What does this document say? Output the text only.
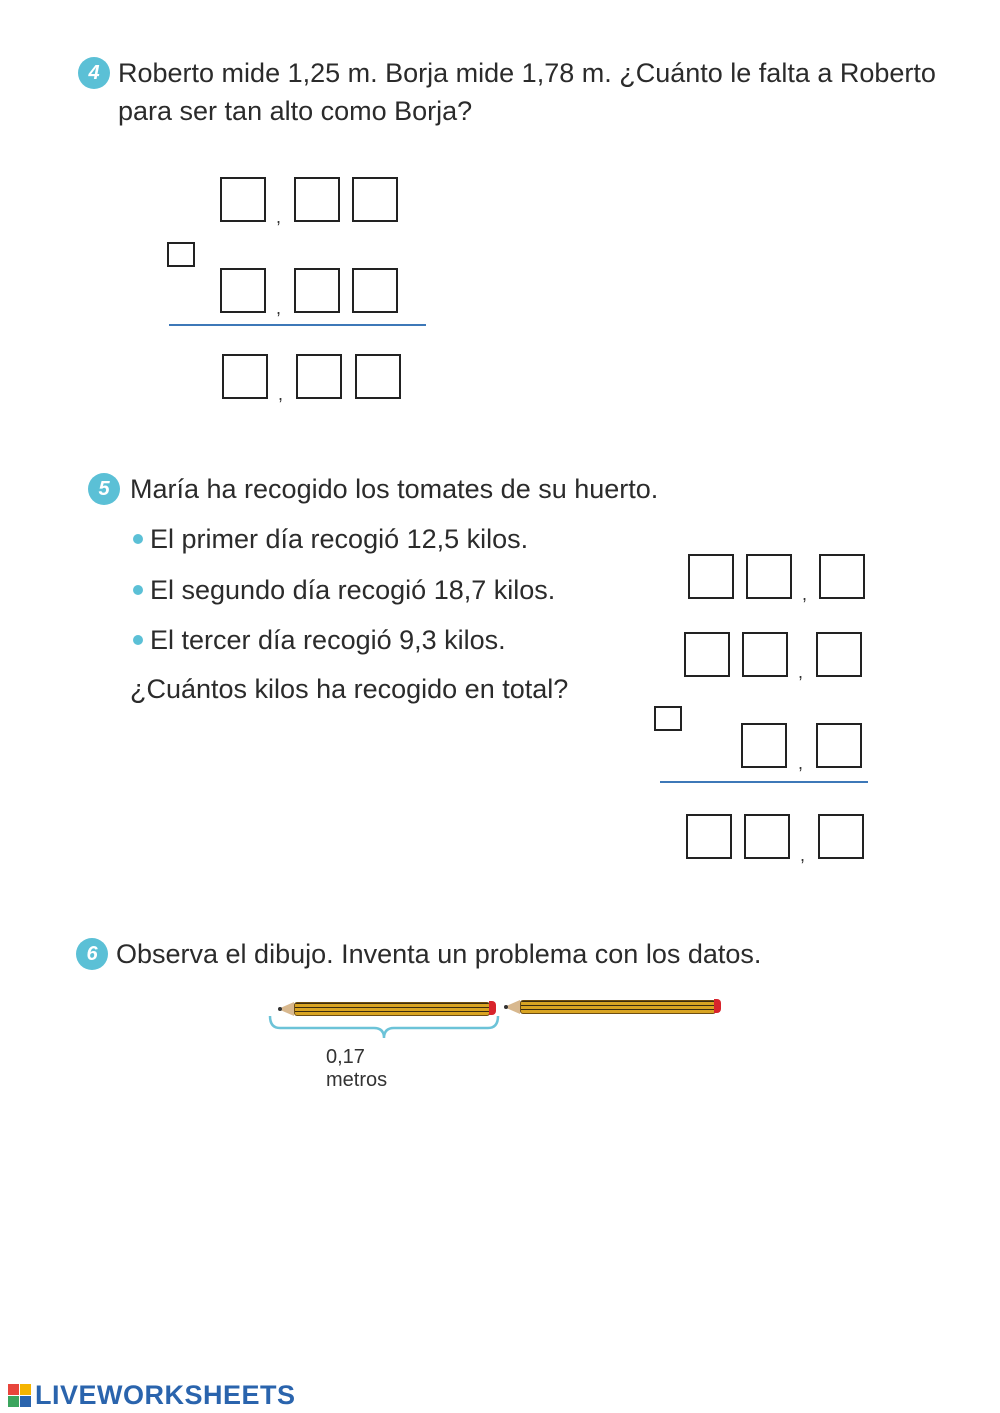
4 Roberto mide 1,25 m. Borja mide 1,78 m. ¿Cuánto le falta a Roberto
para ser tan alto como Borja?
,
,
,
5 María ha recogido los tomates de su huerto.
El primer día recogió 12,5 kilos.
El segundo día recogió 18,7 kilos.
El tercer día recogió 9,3 kilos.
¿Cuántos kilos ha recogido en total?
,
,
,
,
6 Observa el dibujo. Inventa un problema con los datos.
0,17 metros
LIVEWORKSHEETS
